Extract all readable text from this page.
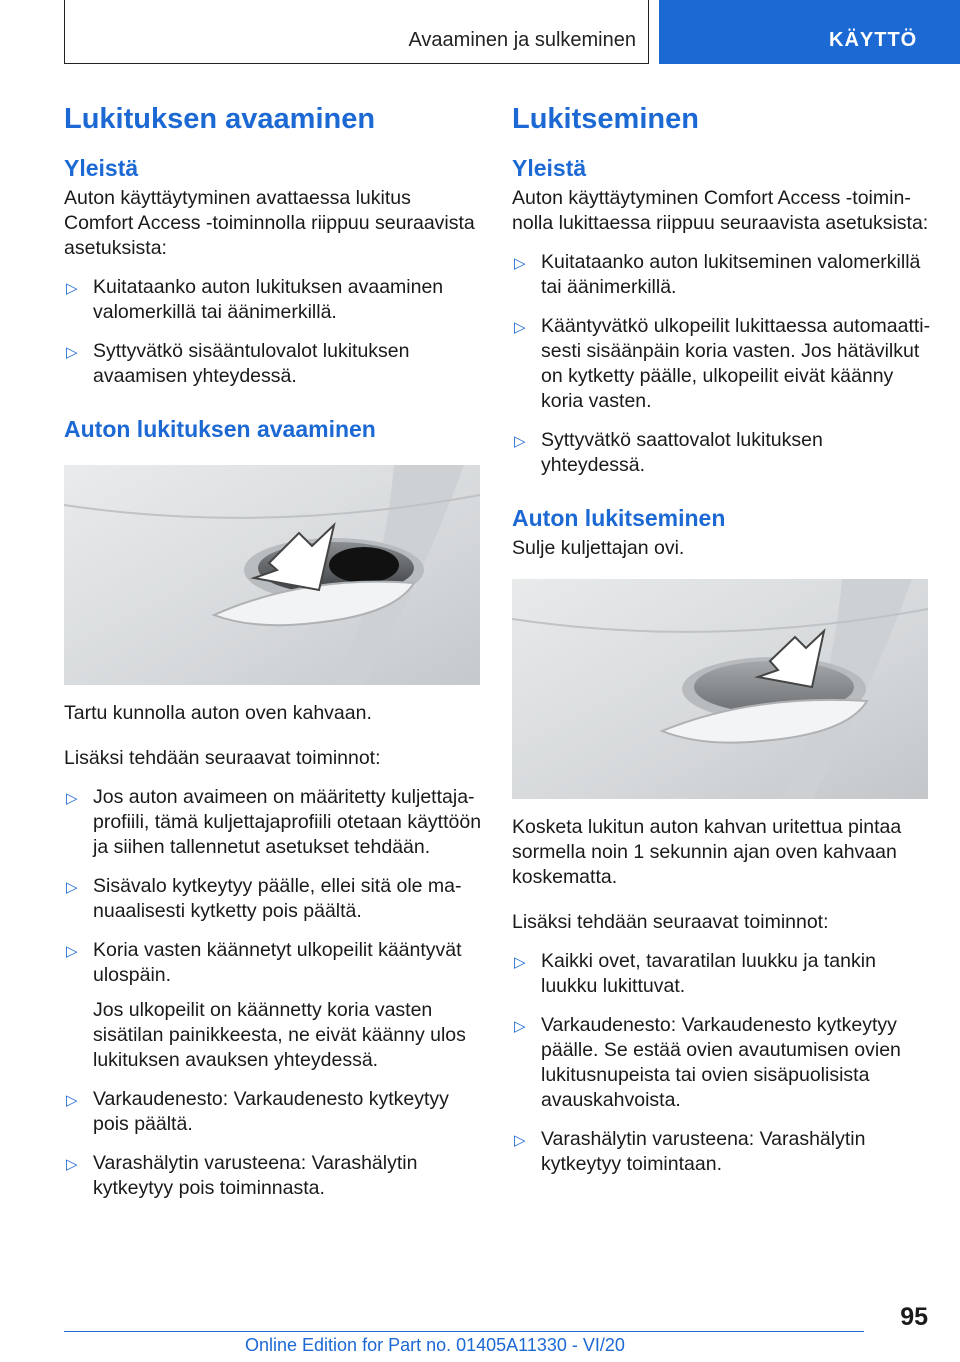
Avaaminen ja sulkeminen	KÄYTTÖ
Lukituksen avaaminen
Yleistä

Auton käyttäytyminen avattaessa lukitus Comfort Access -toiminnolla riippuu seuraavista asetuksista:

▷ Kuitataanko auton lukituksen avaaminen valomerkillä tai äänimerkillä.
▷ Syttyvätkö sisääntulovalot lukituksen avaamisen yhteydessä.
Auton lukituksen avaaminen

Tartu kunnolla auton oven kahvaan.

Lisäksi tehdään seuraavat toiminnot:

▷ Jos auton avaimeen on määritetty kuljettajaprofiili, tämä kuljettajaprofiili otetaan käyttöön ja siihen tallennetut asetukset tehdään.
▷ Sisävalo kytkeytyy päälle, ellei sitä ole manuaalisesti kytketty pois päältä.
▷ Koria vasten käännetyt ulkopeilit kääntyvät ulospäin.
Jos ulkopeilit on käännetty koria vasten sisätilan painikkeesta, ne eivät käänny ulos lukituksen avauksen yhteydessä.
▷ Varkaudenesto: Varkaudenesto kytkeytyy pois päältä.
▷ Varashälytin varusteena: Varashälytin kytkeytyy pois toiminnasta.
Lukitseminen
Yleistä

Auton käyttäytyminen Comfort Access -toiminnolla lukittaessa riippuu seuraavista asetuksista:

▷ Kuitataanko auton lukitseminen valomerkillä tai äänimerkillä.
▷ Kääntyvätkö ulkopeilit lukittaessa automaattisesti sisäänpäin koria vasten. Jos hätävilkut on kytketty päälle, ulkopeilit eivät käänny koria vasten.
▷ Syttyvätkö saattovalot lukituksen yhteydessä.
Auton lukitseminen

Sulje kuljettajan ovi.

Kosketa lukitun auton kahvan uritettua pintaa sormella noin 1 sekunnin ajan oven kahvaan koskematta.

Lisäksi tehdään seuraavat toiminnot:

▷ Kaikki ovet, tavaratilan luukku ja tankin luukku lukittuvat.
▷ Varkaudenesto: Varkaudenesto kytkeytyy päälle. Se estää ovien avautumisen ovien lukitusnupeista tai ovien sisäpuolisista avauskahvoista.
▷ Varashälytin varusteena: Varashälytin kytkeytyy toimintaan.
95
Online Edition for Part no. 01405A11330 - VI/20
